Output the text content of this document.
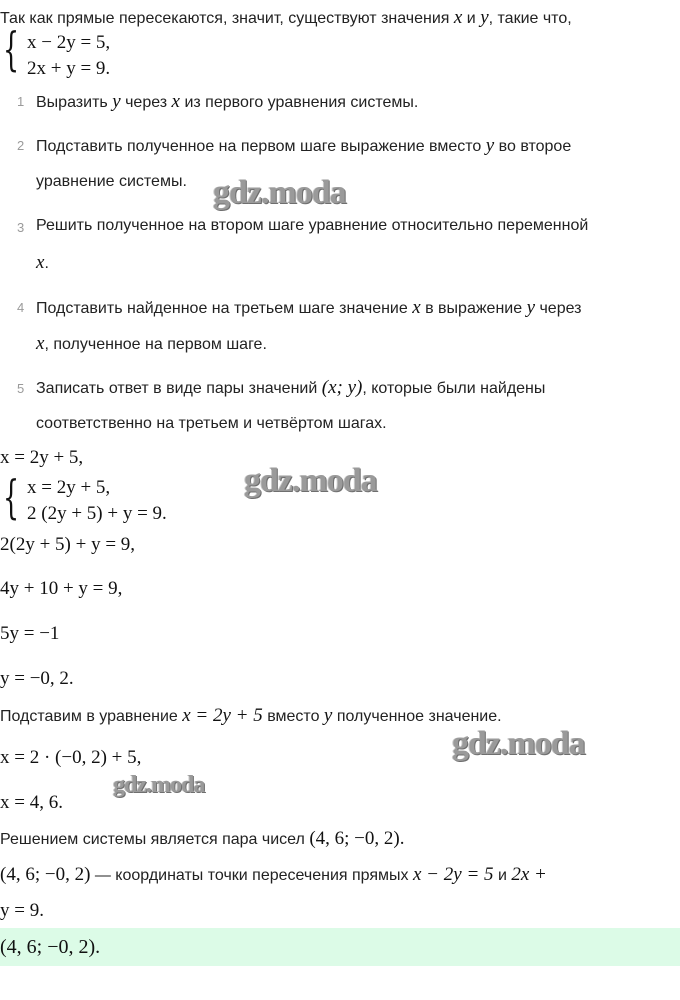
Так как прямые пересекаются, значит, существуют значения x и y, такие что,
{ x − 2y = 5,
2x + y = 9.
1 Выразить y через x из первого уравнения системы.
2 Подставить полученное на первом шаге выражение вместо y во второе
уравнение системы.
3 Решить полученное на втором шаге уравнение относительно переменной
x.
4 Подставить найденное на третьем шаге значение x в выражение y через
x, полученное на первом шаге.
5 Записать ответ в виде пары значений (x; y), которые были найдены
соответственно на третьем и четвёртом шагах.
x = 2y + 5,
{ x = 2y + 5,
2 (2y + 5) + y = 9.
2(2y + 5) + y = 9,
4y + 10 + y = 9,
5y = −1
y = −0, 2.
Подставим в уравнение x = 2y + 5 вместо y полученное значение.
x = 2 · (−0, 2) + 5,
x = 4, 6.
Решением системы является пара чисел (4, 6; −0, 2).
(4, 6; −0, 2) — координаты точки пересечения прямых x − 2y = 5 и 2x +
y = 9.
(4, 6; −0, 2).
gdz.moda
gdz.moda
gdz.moda
gdz.moda
